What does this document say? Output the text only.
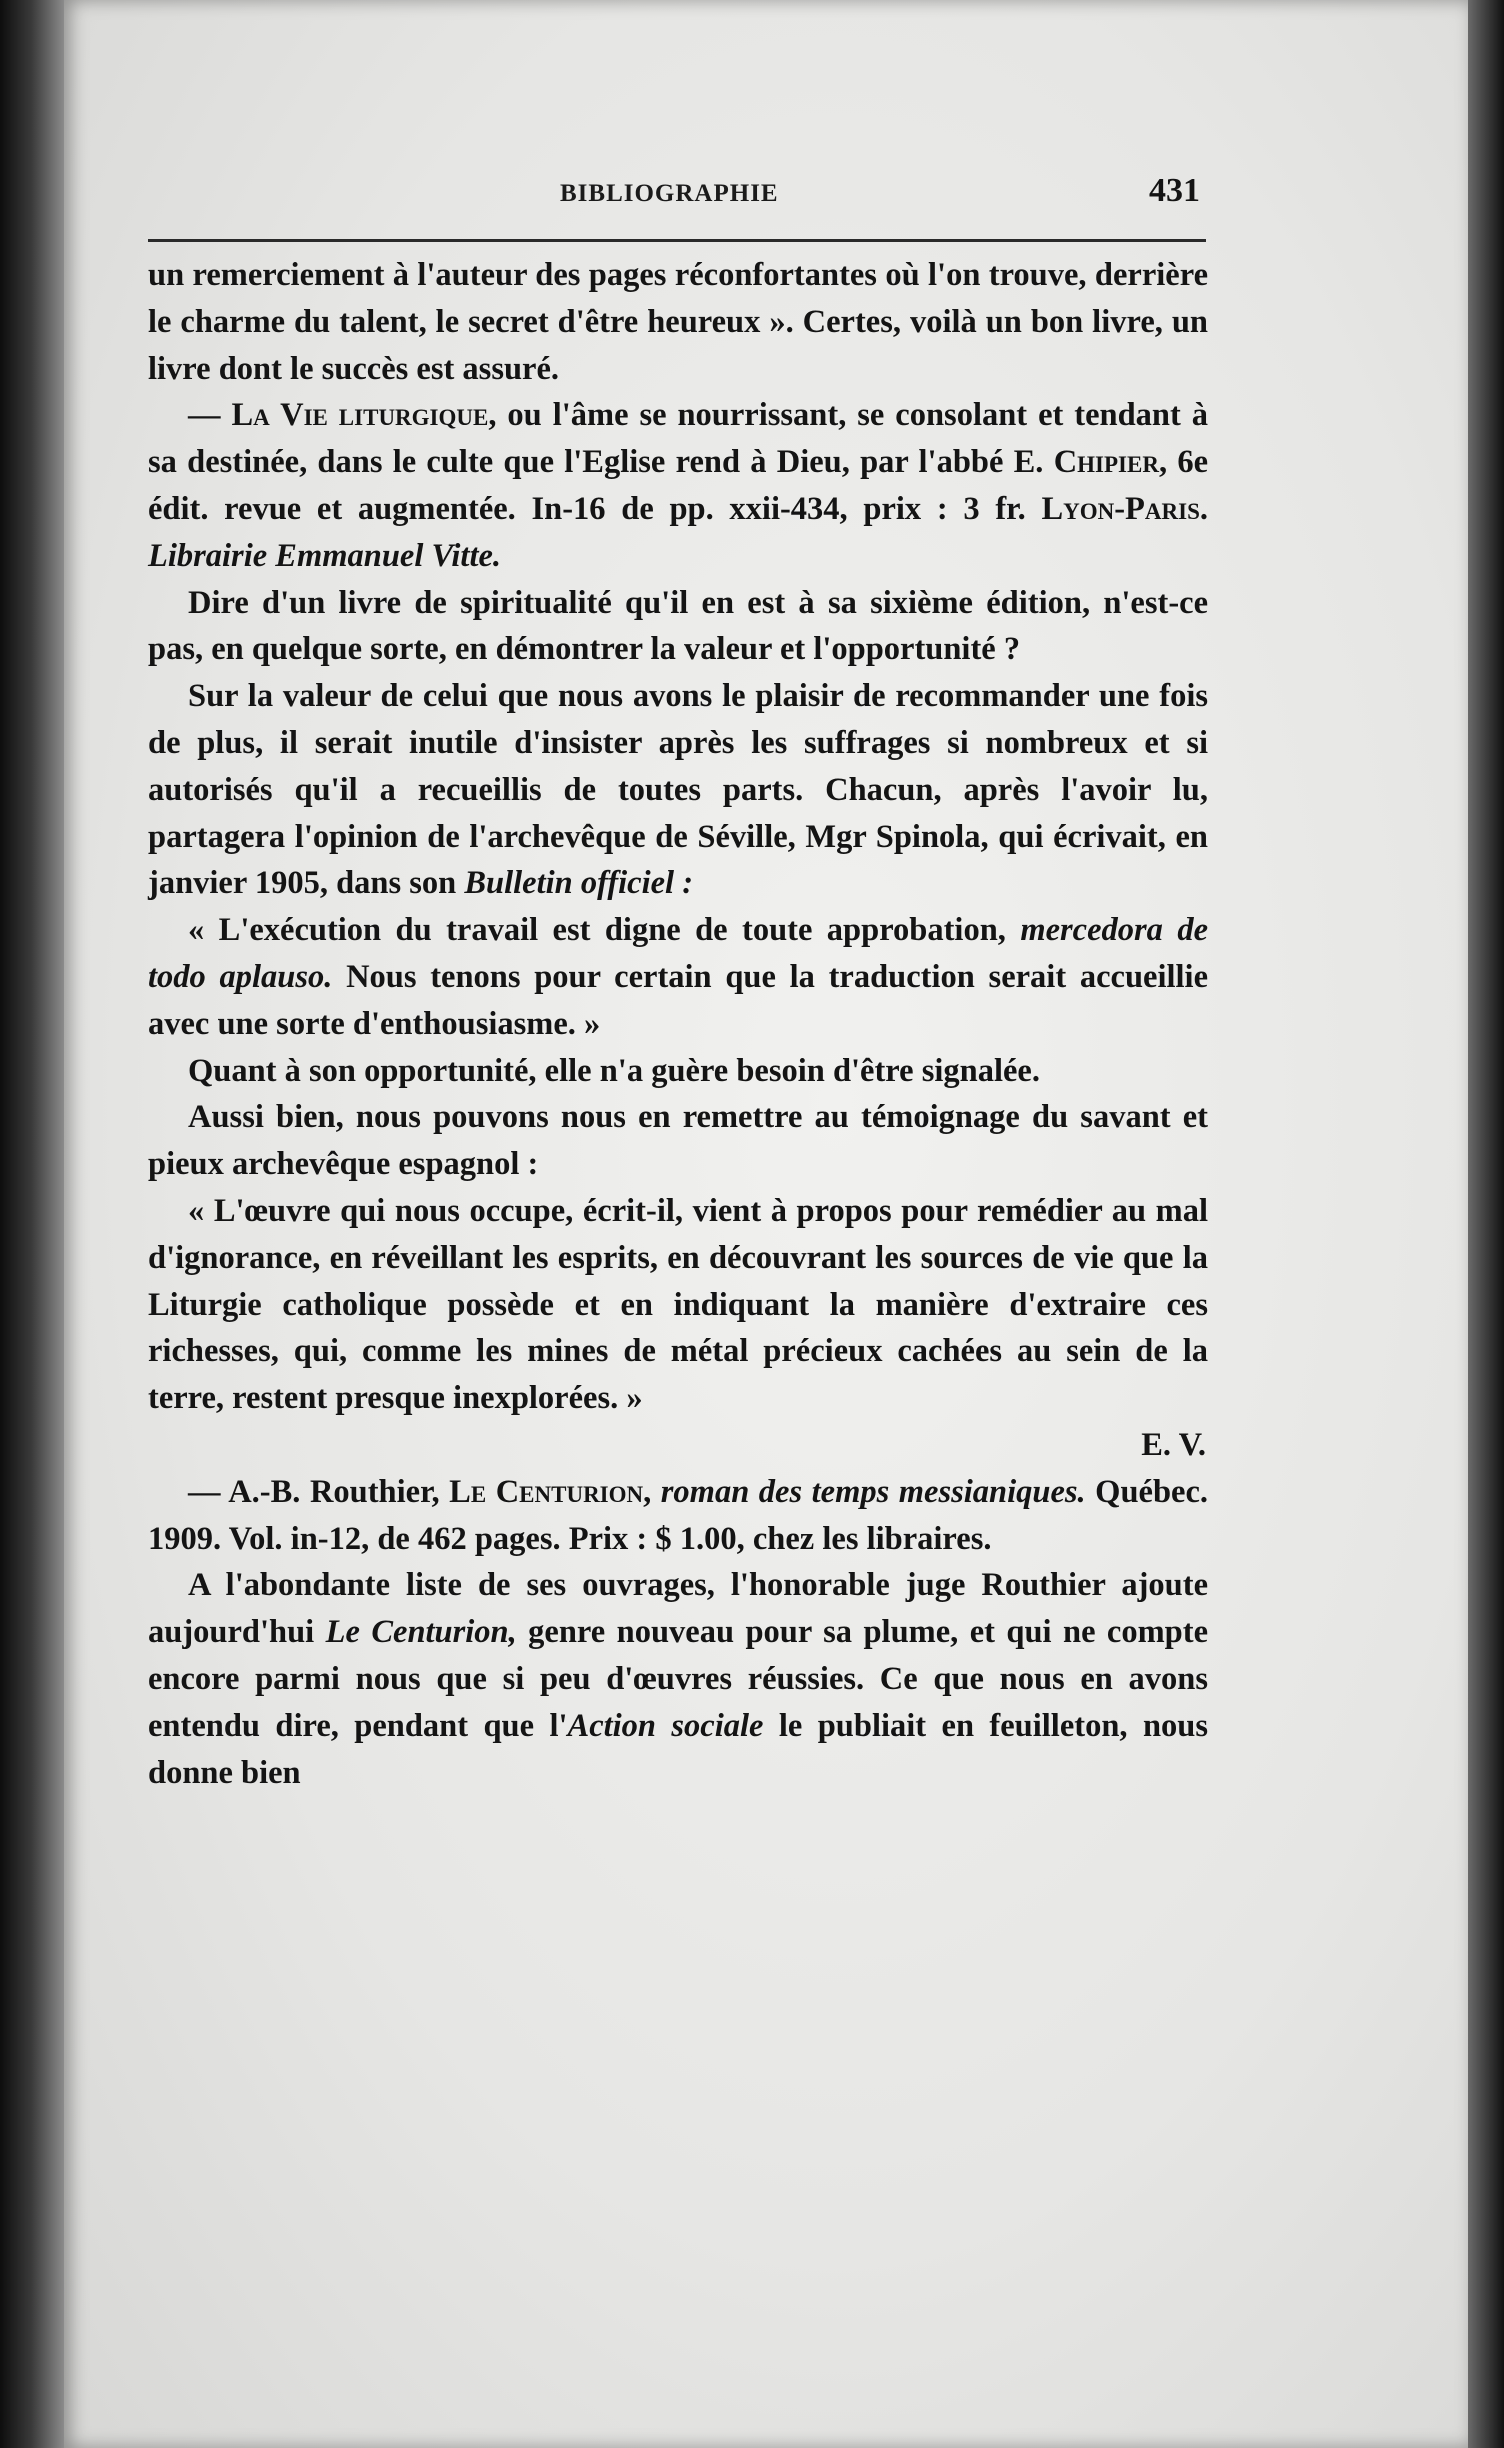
BIBLIOGRAPHIE	431

un remerciement à l'auteur des pages réconfortantes où l'on trouve, derrière le charme du talent, le secret d'être heureux ». Certes, voilà un bon livre, un livre dont le succès est assuré.

— La Vie liturgique, ou l'âme se nourrissant, se consolant et tendant à sa destinée, dans le culte que l'Eglise rend à Dieu, par l'abbé E. Chipier, 6e édit. revue et augmentée. In-16 de pp. xxii-434, prix : 3 fr. Lyon-Paris. Librairie Emmanuel Vitte.

Dire d'un livre de spiritualité qu'il en est à sa sixième édition, n'est-ce pas, en quelque sorte, en démontrer la valeur et l'opportunité ?

Sur la valeur de celui que nous avons le plaisir de recommander une fois de plus, il serait inutile d'insister après les suffrages si nombreux et si autorisés qu'il a recueillis de toutes parts. Chacun, après l'avoir lu, partagera l'opinion de l'archevêque de Séville, Mgr Spinola, qui écrivait, en janvier 1905, dans son Bulletin officiel :

« L'exécution du travail est digne de toute approbation, mercedora de todo aplauso. Nous tenons pour certain que la traduction serait accueillie avec une sorte d'enthousiasme. »

Quant à son opportunité, elle n'a guère besoin d'être signalée.

Aussi bien, nous pouvons nous en remettre au témoignage du savant et pieux archevêque espagnol :

« L'œuvre qui nous occupe, écrit-il, vient à propos pour remédier au mal d'ignorance, en réveillant les esprits, en découvrant les sources de vie que la Liturgie catholique possède et en indiquant la manière d'extraire ces richesses, qui, comme les mines de métal précieux cachées au sein de la terre, restent presque inexplorées. »

E. V.

— A.-B. Routhier, Le Centurion, roman des temps messianiques. Québec. 1909. Vol. in-12, de 462 pages. Prix : $ 1.00, chez les libraires.

A l'abondante liste de ses ouvrages, l'honorable juge Routhier ajoute aujourd'hui Le Centurion, genre nouveau pour sa plume, et qui ne compte encore parmi nous que si peu d'œuvres réussies. Ce que nous en avons entendu dire, pendant que l'Action sociale le publiait en feuilleton, nous donne bien
